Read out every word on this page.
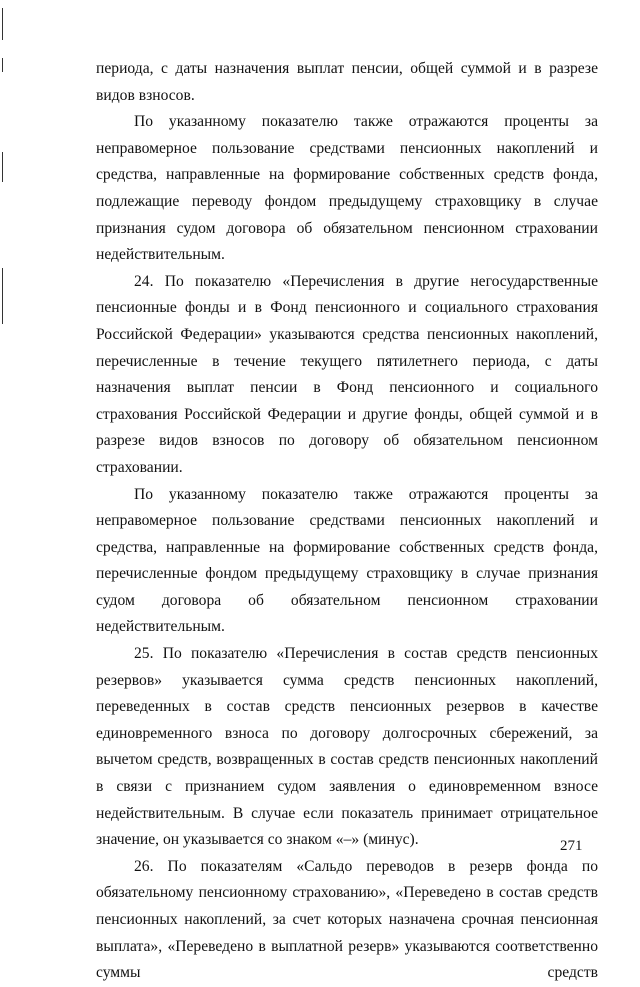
периода, с даты назначения выплат пенсии, общей суммой и в разрезе видов взносов.

По указанному показателю также отражаются проценты за неправомерное пользование средствами пенсионных накоплений и средства, направленные на формирование собственных средств фонда, подлежащие переводу фондом предыдущему страховщику в случае признания судом договора об обязательном пенсионном страховании недействительным.

24. По показателю «Перечисления в другие негосударственные пенсионные фонды и в Фонд пенсионного и социального страхования Российской Федерации» указываются средства пенсионных накоплений, перечисленные в течение текущего пятилетнего периода, с даты назначения выплат пенсии в Фонд пенсионного и социального страхования Российской Федерации и другие фонды, общей суммой и в разрезе видов взносов по договору об обязательном пенсионном страховании.

По указанному показателю также отражаются проценты за неправомерное пользование средствами пенсионных накоплений и средства, направленные на формирование собственных средств фонда, перечисленные фондом предыдущему страховщику в случае признания судом договора об обязательном пенсионном страховании недействительным.

25. По показателю «Перечисления в состав средств пенсионных резервов» указывается сумма средств пенсионных накоплений, переведенных в состав средств пенсионных резервов в качестве единовременного взноса по договору долгосрочных сбережений, за вычетом средств, возвращенных в состав средств пенсионных накоплений в связи с признанием судом заявления о единовременном взносе недействительным. В случае если показатель принимает отрицательное значение, он указывается со знаком «–» (минус).

26. По показателям «Сальдо переводов в резерв фонда по обязательному пенсионному страхованию», «Переведено в состав средств пенсионных накоплений, за счет которых назначена срочная пенсионная выплата», «Переведено в выплатной резерв» указываются соответственно суммы средств

271
